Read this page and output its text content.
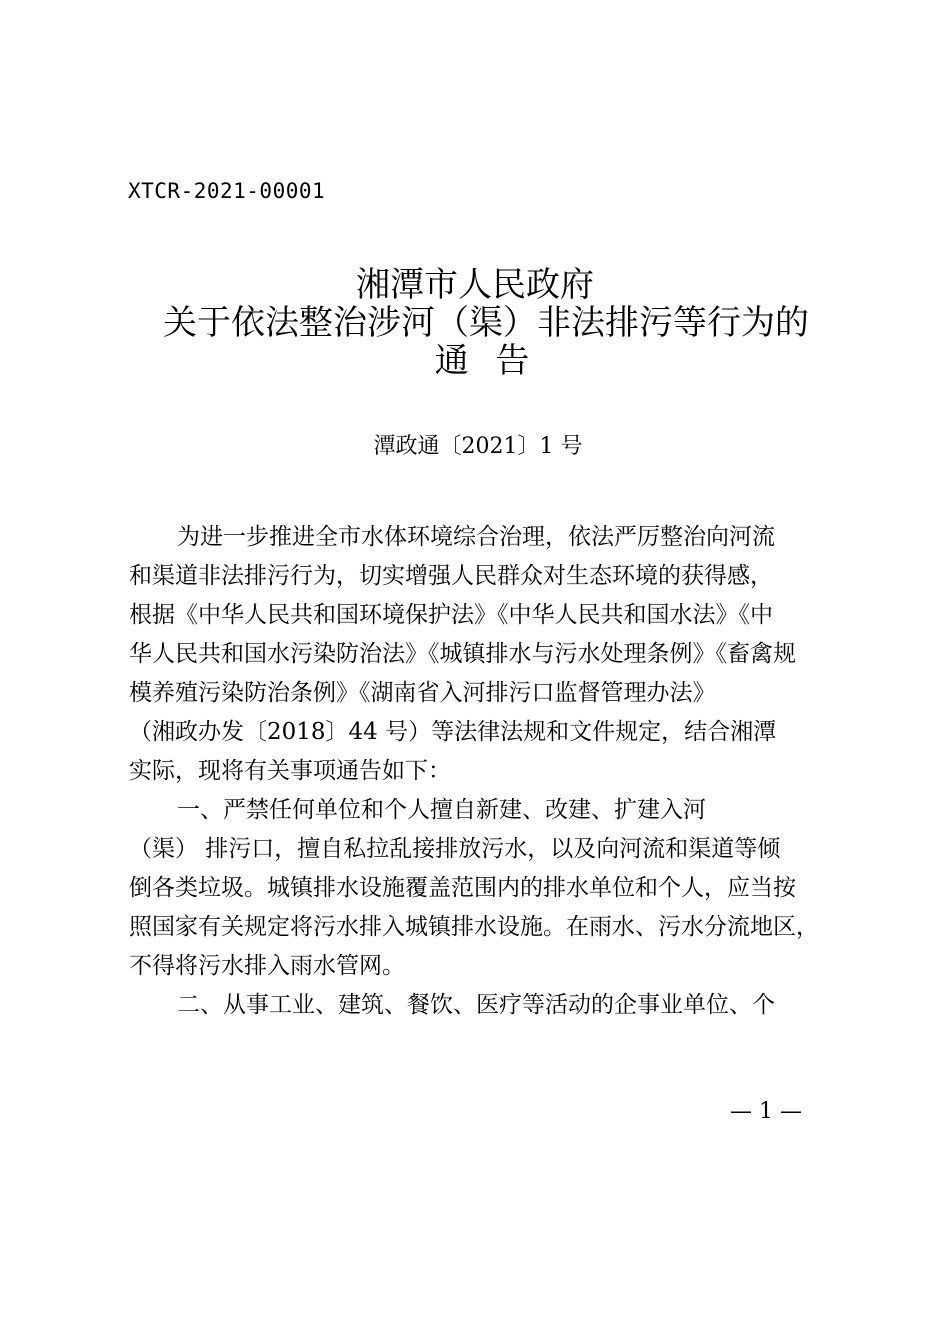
XTCR-2021-00001
湘潭市人民政府
关于依法整治涉河（渠）非法排污等行为的
通 告
潭政通〔2021〕1 号
为进一步推进全市水体环境综合治理，依法严厉整治向河流
和渠道非法排污行为，切实增强人民群众对生态环境的获得感，
根据《中华人民共和国环境保护法》《中华人民共和国水法》《中
华人民共和国水污染防治法》《城镇排水与污水处理条例》《畜禽规
模养殖污染防治条例》《湖南省入河排污口监督管理办法》
（湘政办发〔2018〕44 号）等法律法规和文件规定，结合湘潭
实际，现将有关事项通告如下：
一、严禁任何单位和个人擅自新建、改建、扩建入河
（渠） 排污口，擅自私拉乱接排放污水，以及向河流和渠道等倾
倒各类垃圾。城镇排水设施覆盖范围内的排水单位和个人，应当按
照国家有关规定将污水排入城镇排水设施。在雨水、污水分流地区，
不得将污水排入雨水管网。
二、从事工业、建筑、餐饮、医疗等活动的企事业单位、个
— 1 —
